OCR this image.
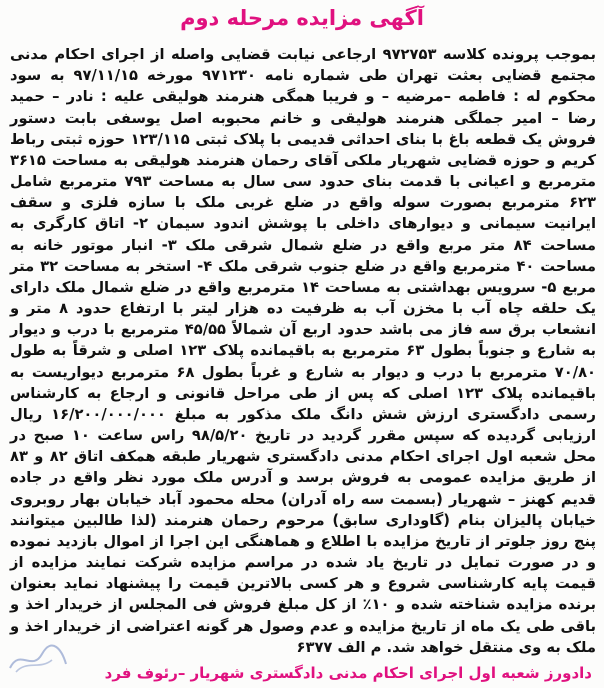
آگهی مزایده مرحله دوم

بموجب پرونده کلاسه ۹۷۲۷۵۳ ارجاعی نیابت قضایی واصله از اجرای احکام مدنی مجتمع قضایی بعثت تهران طی شماره نامه ۹۷۱۲۳۰ مورخه ۹۷/۱۱/۱۵ به سود محکوم له : فاطمه –مرضیه – و فریبا همگی هنرمند هولیقی علیه : نادر – حمید رضا – امیر جملگی هنرمند هولیقی و خانم محبوبه اصل یوسفی بابت دستور فروش یک قطعه باغ با بنای احداثی قدیمی با پلاک ثبتی ۱۲۳/۱۱۵ حوزه ثبتی رباط کریم و حوزه قضایی شهریار ملکی آقای رحمان هنرمند هولیقی به مساحت ۳۶۱۵ مترمربع و اعیانی با قدمت بنای حدود سی سال به مساحت ۷۹۳ مترمربع شامل ۶۲۳ مترمربع بصورت سوله واقع در ضلع غربی ملک با سازه فلزی و سقف ایرانیت سیمانی و دیوارهای داخلی با پوشش اندود سیمان ۲- اتاق کارگری به مساحت ۸۴ متر مربع واقع در ضلع شمال شرقی ملک ۳- انبار موتور خانه به مساحت ۴۰ مترمربع واقع در ضلع جنوب شرقی ملک ۴- استخر به مساحت ۳۲ متر مربع ۵- سرویس بهداشتی به مساحت ۱۴ مترمربع واقع در ضلع شمال ملک دارای یک حلقه چاه آب با مخزن آب به ظرفیت ده هزار لیتر با ارتفاع حدود ۸ متر و انشعاب برق سه فاز می باشد حدود اربع آن شمالاً ۴۵/۵۵ مترمربع با درب و دیوار به شارع و جنوباً بطول ۶۳ مترمربع به باقیمانده پلاک ۱۲۳ اصلی و شرقاً به طول ۷۰/۸۰ مترمربع با درب و دیوار به شارع و غرباً بطول ۶۸ مترمربع دیواریست به باقیمانده پلاک ۱۲۳ اصلی که پس از طی مراحل قانونی و ارجاع به کارشناس رسمی دادگستری ارزش شش دانگ ملک مذکور به مبلغ ۱۶/۲۰۰/۰۰۰/۰۰۰ ریال ارزیابی گردیده که سپس مقرر گردید در تاریخ ۹۸/۵/۲۰ راس ساعت ۱۰ صبح در محل شعبه اول اجرای احکام مدنی دادگستری شهریار طبقه همکف اتاق ۸۲ و ۸۳ از طریق مزایده عمومی به فروش برسد و آدرس ملک مورد نظر واقع در جاده قدیم کهنز – شهریار (بسمت سه راه آدران) محله محمود آباد خیابان بهار روبروی خیابان پالیزان بنام (گاوداری سابق) مرحوم رحمان هنرمند (لذا طالبین میتوانند پنج روز جلوتر از تاریخ مزایده با اطلاع و هماهنگی این اجرا از اموال بازدید نموده و در صورت تمایل در تاریخ یاد شده در مراسم مزایده شرکت نمایند مزایده از قیمت پایه کارشناسی شروع و هر کسی بالاترین قیمت را پیشنهاد نماید بعنوان برنده مزایده شناخته شده و ۱۰٪ از کل مبلغ فروش فی المجلس از خریدار اخذ و باقی طی یک ماه از تاریخ مزایده و عدم وصول هر گونه اعتراضی از خریدار اخذ و ملک به وی منتقل خواهد شد. م الف ۶۳۷۷

دادورز شعبه اول اجرای احکام مدنی دادگستری شهریار –رئوف فرد
